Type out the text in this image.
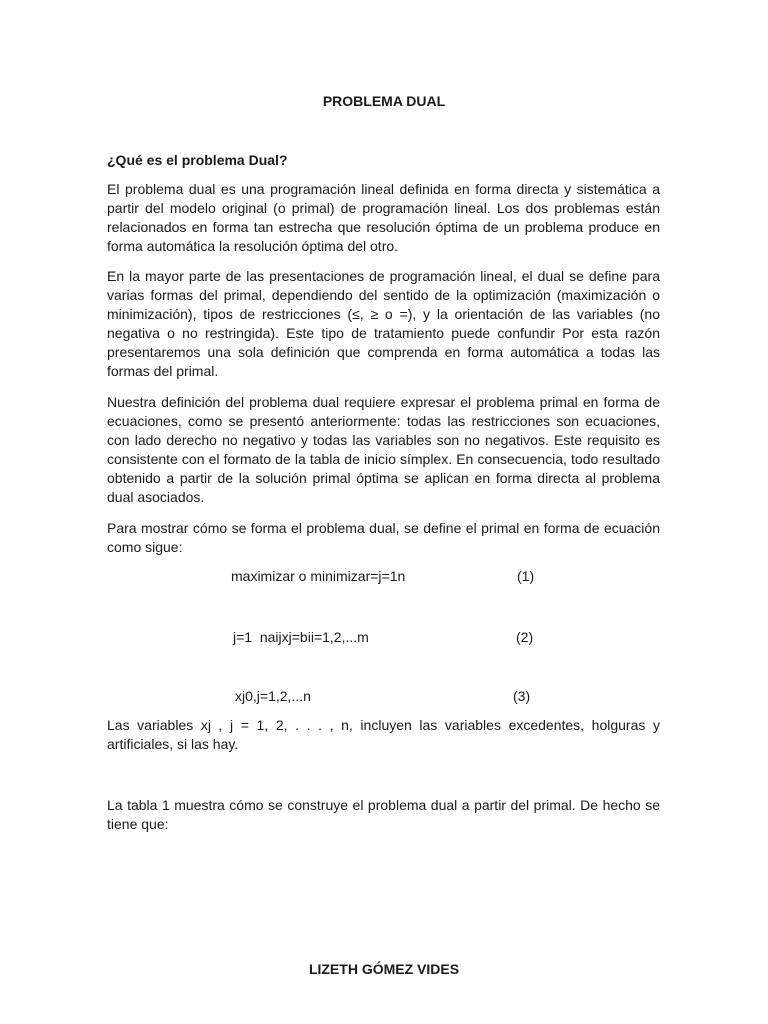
PROBLEMA DUAL
¿Qué es el problema Dual?
El problema dual es una programación lineal definida en forma directa y sistemática a partir del modelo original (o primal) de programación lineal. Los dos problemas están relacionados en forma tan estrecha que resolución óptima de un problema produce en forma automática la resolución óptima del otro.
En la mayor parte de las presentaciones de programación lineal, el dual se define para varias formas del primal, dependiendo del sentido de la optimización (maximización o minimización), tipos de restricciones (≤, ≥ o =), y la orientación de las variables (no negativa o no restringida). Este tipo de tratamiento puede confundir Por esta razón presentaremos una sola definición que comprenda en forma automática a todas las formas del primal.
Nuestra definición del problema dual requiere expresar el problema primal en forma de ecuaciones, como se presentó anteriormente: todas las restricciones son ecuaciones, con lado derecho no negativo y todas las variables son no negativos. Este requisito es consistente con el formato de la tabla de inicio símplex. En consecuencia, todo resultado obtenido a partir de la solución primal óptima se aplican en forma directa al problema dual asociados.
Para mostrar cómo se forma el problema dual, se define el primal en forma de ecuación como sigue:
maximizar o minimizar=j=1n	(1)
j=1  naijxj=bii=1,2,...m	(2)
xj0,j=1,2,...n	(3)
Las variables xj , j = 1, 2, . . . , n, incluyen las variables excedentes, holguras y artificiales, si las hay.
La tabla 1 muestra cómo se construye el problema dual a partir del primal. De hecho se tiene que:
LIZETH GÓMEZ VIDES
